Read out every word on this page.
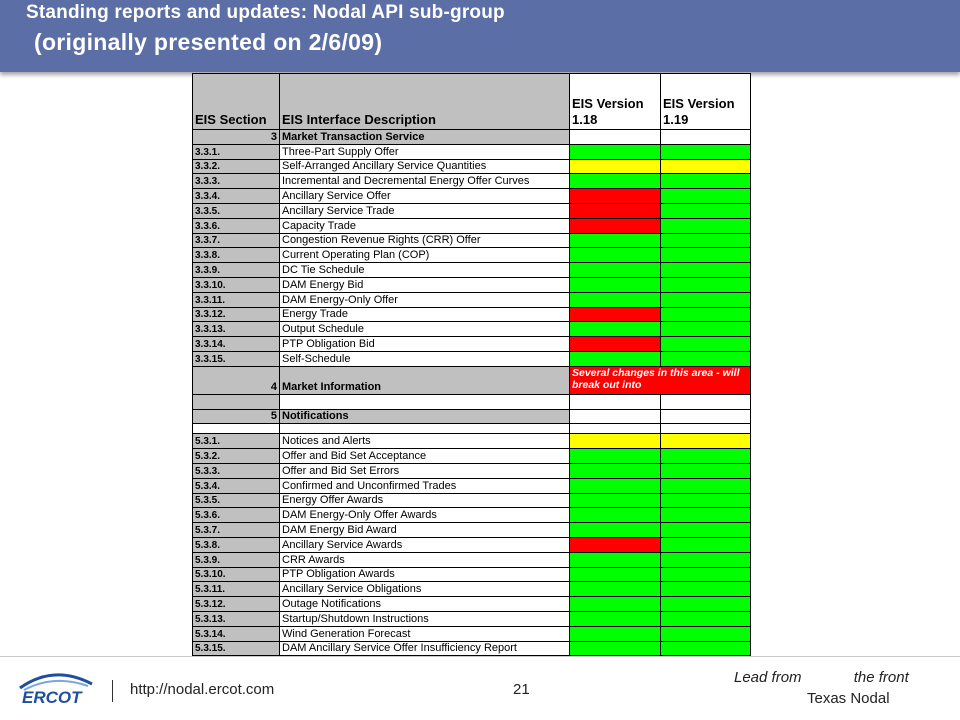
Standing reports and updates: Nodal API sub-group
(originally presented on 2/6/09)
EIS Section	EIS Interface Description	EIS Version 1.18	EIS Version 1.19
3	Market Transaction Service		
3.3.1.	Three-Part Supply Offer		
3.3.2.	Self-Arranged Ancillary Service Quantities		
3.3.3.	Incremental and Decremental Energy Offer Curves		
3.3.4.	Ancillary Service Offer		
3.3.5.	Ancillary Service Trade		
3.3.6.	Capacity Trade		
3.3.7.	Congestion Revenue Rights (CRR) Offer		
3.3.8.	Current Operating Plan (COP)		
3.3.9.	DC Tie Schedule		
3.3.10.	DAM Energy Bid		
3.3.11.	DAM Energy-Only Offer		
3.3.12.	Energy Trade		
3.3.13.	Output Schedule		
3.3.14.	PTP Obligation Bid		
3.3.15.	Self-Schedule		
4	Market Information	Several changes in this area - will break out into	

5	Notifications		

5.3.1.	Notices and Alerts		
5.3.2.	Offer and Bid Set Acceptance		
5.3.3.	Offer and Bid Set Errors		
5.3.4.	Confirmed and Unconfirmed Trades		
5.3.5.	Energy Offer Awards		
5.3.6.	DAM Energy-Only Offer Awards		
5.3.7.	DAM Energy Bid Award		
5.3.8.	Ancillary Service Awards		
5.3.9.	CRR Awards		
5.3.10.	PTP Obligation Awards		
5.3.11.	Ancillary Service Obligations		
5.3.12.	Outage Notifications		
5.3.13.	Startup/Shutdown Instructions		
5.3.14.	Wind Generation Forecast		
5.3.15.	DAM Ancillary Service Offer Insufficiency Report		
ERCOT	http://nodal.ercot.com	21
Lead from	the front
Texas Nodal
